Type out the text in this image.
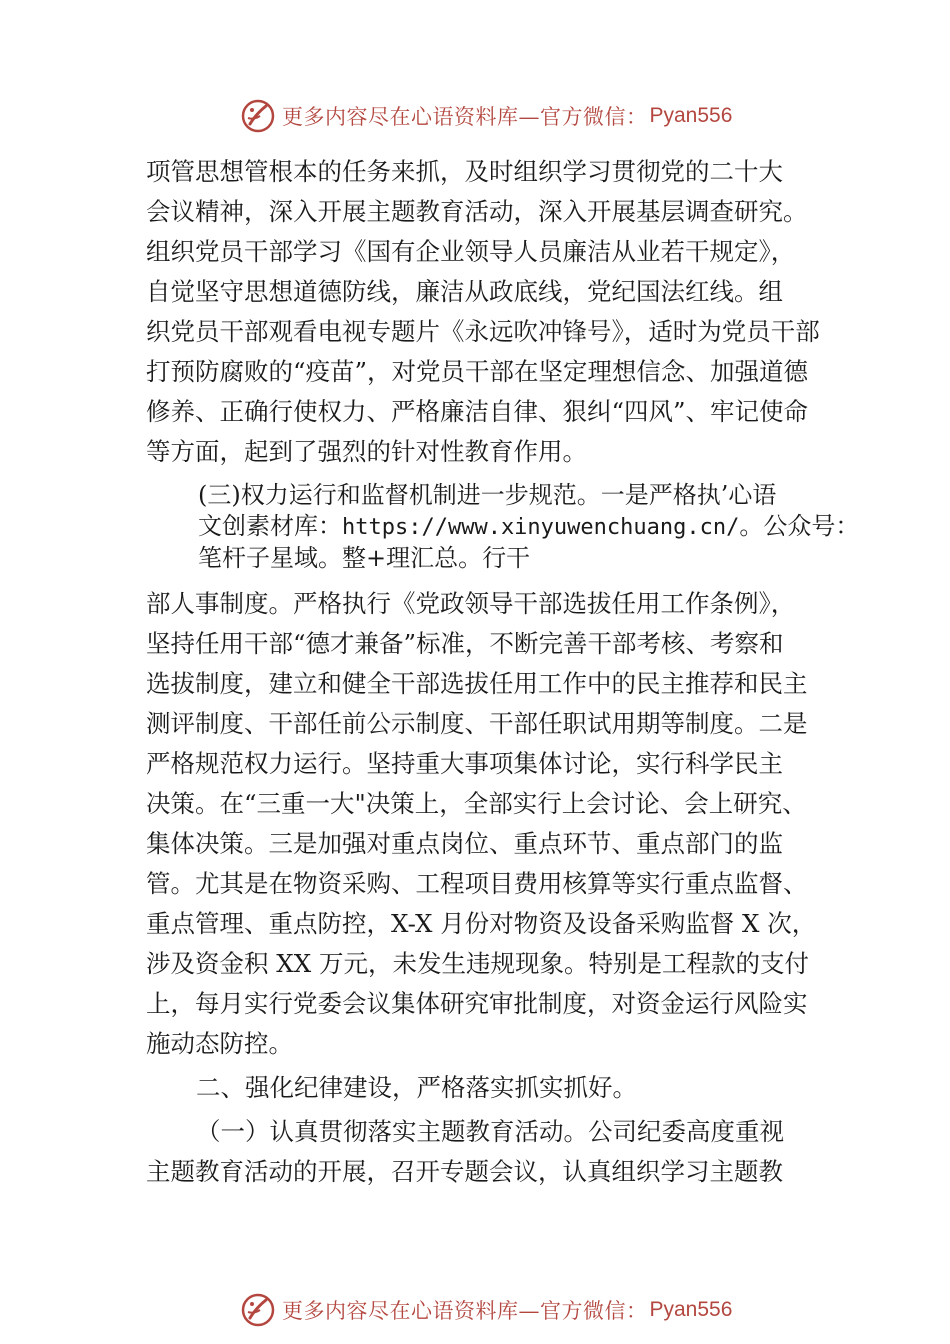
更多内容尽在心语资料库—官方微信： Pyan556
项管思想管根本的任务来抓，及时组织学习贯彻党的二十大
会议精神，深入开展主题教育活动，深入开展基层调查研究。
组织党员干部学习《国有企业领导人员廉洁从业若干规定》，
自觉坚守思想道德防线，廉洁从政底线，党纪国法红线。组
织党员干部观看电视专题片《永远吹冲锋号》，适时为党员干部
打预防腐败的“疫苗”，对党员干部在坚定理想信念、加强道德
修养、正确行使权力、严格廉洁自律、狠纠“四风”、牢记使命
等方面，起到了强烈的针对性教育作用。
(三)权力运行和监督机制进一步规范。一是严格执’心语
文创素材库：https://www.xinyuwenchuang.cn/。公众号：
笔杆子星域。整+理汇总。行干
部人事制度。严格执行《党政领导干部选拔任用工作条例》，
坚持任用干部“德才兼备”标准，不断完善干部考核、考察和
选拔制度，建立和健全干部选拔任用工作中的民主推荐和民主
测评制度、干部任前公示制度、干部任职试用期等制度。二是
严格规范权力运行。坚持重大事项集体讨论，实行科学民主
决策。在“三重一大"决策上，全部实行上会讨论、会上研究、
集体决策。三是加强对重点岗位、重点环节、重点部门的监
管。尤其是在物资采购、工程项目费用核算等实行重点监督、
重点管理、重点防控，X-X 月份对物资及设备采购监督 X 次，
涉及资金积 XX 万元，未发生违规现象。特别是工程款的支付
上，每月实行党委会议集体研究审批制度，对资金运行风险实
施动态防控。
二、强化纪律建设，严格落实抓实抓好。
（一）认真贯彻落实主题教育活动。公司纪委高度重视
主题教育活动的开展，召开专题会议，认真组织学习主题教
更多内容尽在心语资料库—官方微信： Pyan556
